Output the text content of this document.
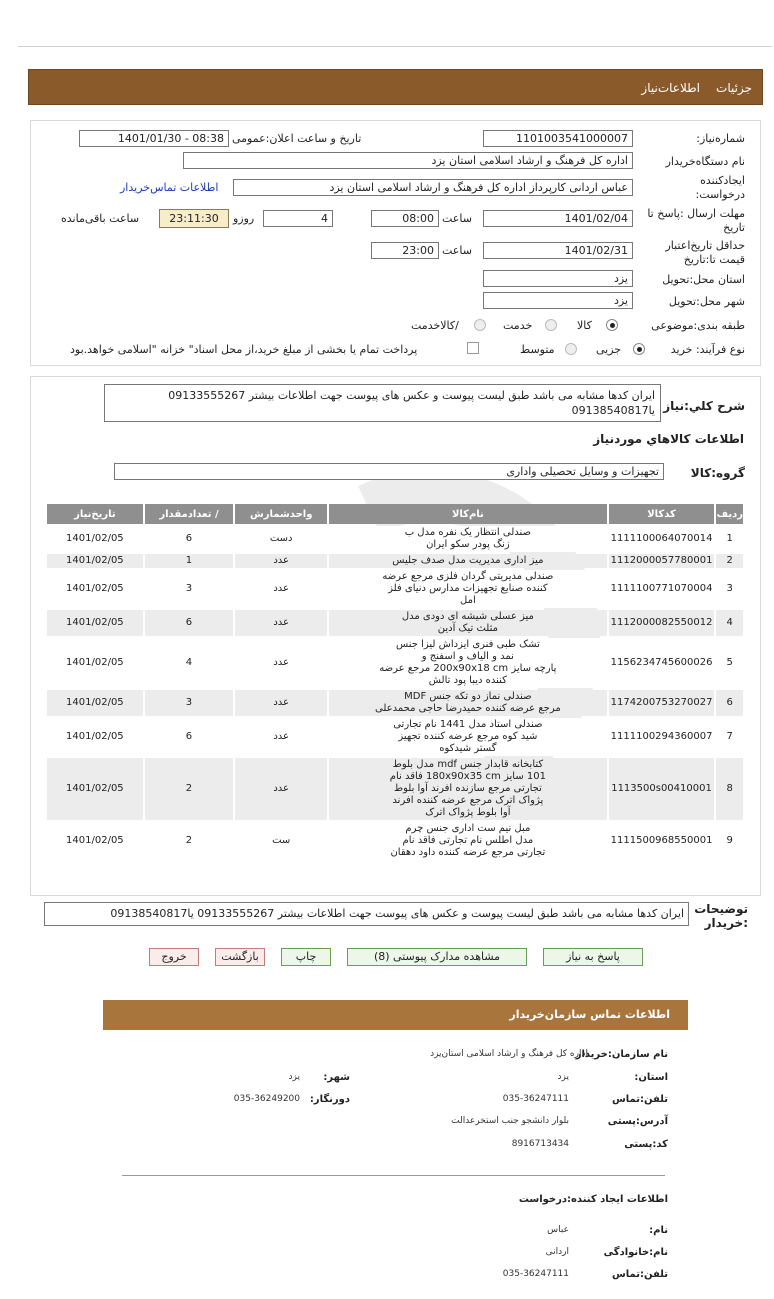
جزئیات
اطلاعات‌نیاز
شماره‌نیاز:
1101003541000007
تاریخ و ساعت اعلان:عمومی
1401/01/30 - 08:38
نام دستگاه‌خریدار
اداره کل فرهنگ و ارشاد اسلامی استان یزد
ایجادکننده
درخواست:
عباس اردانی کارپرداز اداره کل فرهنگ و ارشاد اسلامی استان یزد
اطلاعات تماس‌خریدار
مهلت ارسال :پاسخ تا
تاریخ
1401/02/04
ساعت
08:00
4
روزو
23:11:30
ساعت باقی‌مانده
حداقل تاریخ‌اعتبار
قیمت تا:تاریخ
1401/02/31
ساعت
23:00
استان محل:تحویل
یزد
شهر محل:تحویل
یزد
طبقه بندی:موضوعی
کالا
خدمت
/کالاخدمت
نوع فرآیند: خرید
جزیی
متوسط
پرداخت تمام یا بخشی از مبلغ خرید،از محل اسناد" خزانه "اسلامی خواهد.بود
شرح کلي:نياز
ایران کدها مشابه می باشد طبق لیست پیوست و عکس های پیوست جهت اطلاعات بیشتر 09133555267
یا09138540817
اطلاعات کالاهاي موردنياز
گروه:کالا
تجهیزات و وسایل تحصیلی واداری
ردیف	کدکالا	نام‌کالا	واحدشمارش	/ تعدادمقدار	تاریخ‌نیاز
1	1111100064070014	صندلی انتظار یک نفره مدل ب
زنگ پودر سکو ایران	دست	6	1401/02/05
2	1112000057780001	میز اداری مدیریت مدل صدف جلیس	عدد	1	1401/02/05
3	1111100771070004	صندلی مدیریتی گردان فلزی مرجع عرضه
کننده صنایع تجهیزات مدارس دنیای فلز
امل	عدد	3	1401/02/05
4	1112000082550012	میز عسلی شیشه ای دودی مدل
مثلث تیک آدین	عدد	6	1401/02/05
5	1156234745600026	تشک طبی فنری ایزداش لیزا جنس
نمد و الیاف و اسفنج و
پارچه سایز 200x90x18 cm مرجع عرضه
کننده دیبا پود تالش	عدد	4	1401/02/05
6	1174200753270027	صندلی نماز دو تکه جنس MDF
مرجع عرضه کننده حمیدرضا حاجی محمدعلی	عدد	3	1401/02/05
7	1111100294360007	صندلی استاد مدل 1441 نام تجارتی
شید کوه مرجع عرضه کننده تجهیز
گستر شیدکوه	عدد	6	1401/02/05
8	1113500s00410001	کتابخانه قابدار جنس mdf مدل بلوط
101 سایز 180x90x35 cm فاقد نام
تجارتی مرجع سازنده افرند آوا بلوط
پژواک اترک مرجع عرضه کننده افرند
آوا بلوط پژواک اترک	عدد	2	1401/02/05
9	1111500968550001	مبل نیم ست اداری جنس چرم
مدل اطلس نام تجارتی فاقد نام
تجارتی مرجع عرضه کننده داود دهقان	ست	2	1401/02/05
توضیحات
:خریدار
ایران کدها مشابه می باشد طبق لیست پیوست و عکس های پیوست جهت اطلاعات بیشتر 09133555267 یا09138540817
پاسخ به نیاز
مشاهده مدارک پیوستی (8)
چاپ
بازگشت
خروج
اطلاعات تماس سازمان‌خریدار
نام سازمان:خریدار
اداره کل فرهنگ و ارشاد اسلامی استان‌یزد
استان:
یزد
شهر:
یزد
تلفن:تماس
035-36247111
دورنگار:
035-36249200
آدرس:پستی
بلوار دانشجو جنب استخرعدالت
کد:پستی
8916713434
اطلاعات ایجاد کننده:درخواست
نام:
عباس
نام:خانوادگی
اردانی
تلفن:تماس
035-36247111
